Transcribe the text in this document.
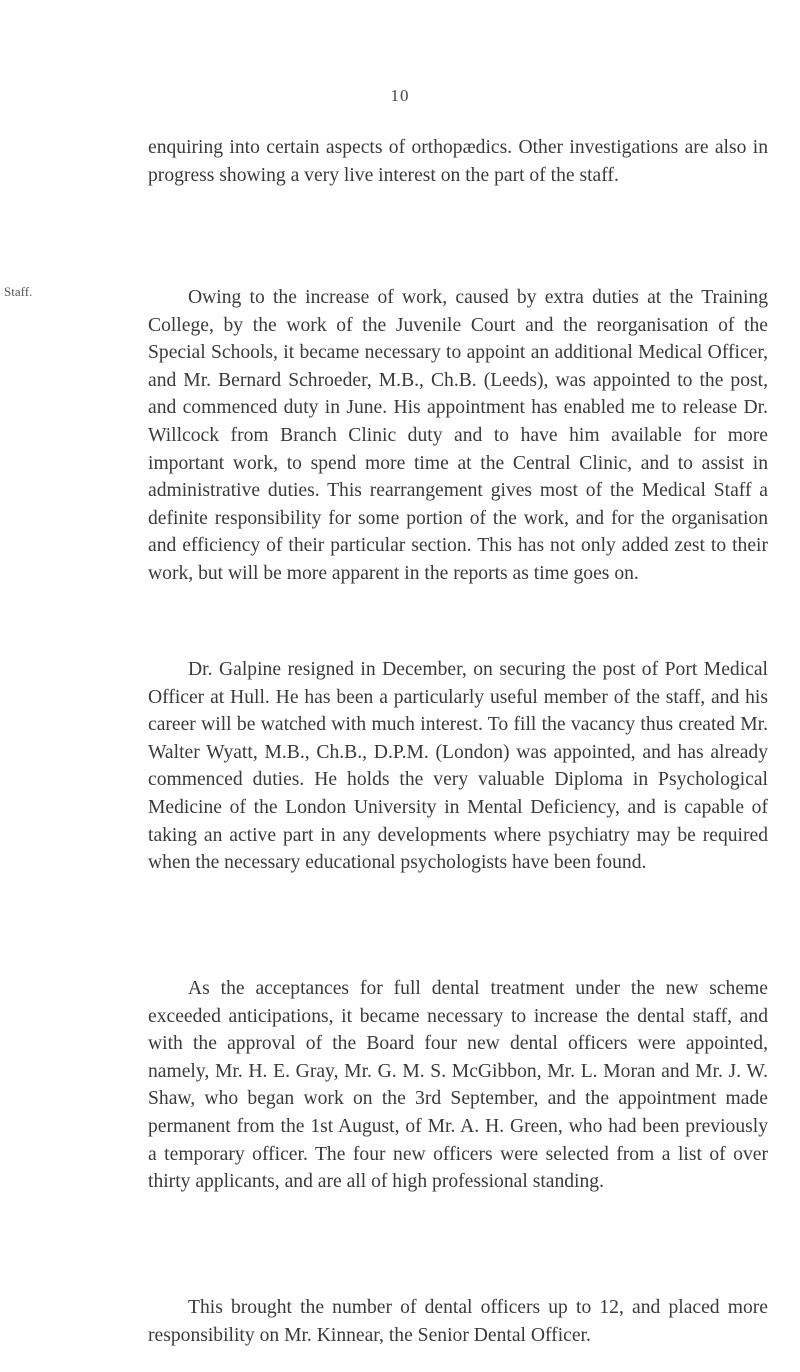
10
Staff.

enquiring into certain aspects of orthopædics. Other investigations are also in progress showing a very live interest on the part of the staff.

Owing to the increase of work, caused by extra duties at the Training College, by the work of the Juvenile Court and the reorganisation of the Special Schools, it became necessary to appoint an additional Medical Officer, and Mr. Bernard Schroeder, M.B., Ch.B. (Leeds), was appointed to the post, and commenced duty in June. His appointment has enabled me to release Dr. Willcock from Branch Clinic duty and to have him available for more important work, to spend more time at the Central Clinic, and to assist in administrative duties. This rearrangement gives most of the Medical Staff a definite responsibility for some portion of the work, and for the organisation and efficiency of their particular section. This has not only added zest to their work, but will be more apparent in the reports as time goes on.

Dr. Galpine resigned in December, on securing the post of Port Medical Officer at Hull. He has been a particularly useful member of the staff, and his career will be watched with much interest. To fill the vacancy thus created Mr. Walter Wyatt, M.B., Ch.B., D.P.M. (London) was appointed, and has already commenced duties. He holds the very valuable Diploma in Psychological Medicine of the London University in Mental Deficiency, and is capable of taking an active part in any developments where psychiatry may be required when the necessary educational psychologists have been found.

As the acceptances for full dental treatment under the new scheme exceeded anticipations, it became necessary to increase the dental staff, and with the approval of the Board four new dental officers were appointed, namely, Mr. H. E. Gray, Mr. G. M. S. McGibbon, Mr. L. Moran and Mr. J. W. Shaw, who began work on the 3rd September, and the appointment made permanent from the 1st August, of Mr. A. H. Green, who had been previously a temporary officer. The four new officers were selected from a list of over thirty applicants, and are all of high professional standing.

This brought the number of dental officers up to 12, and placed more responsibility on Mr. Kinnear, the Senior Dental Officer.
